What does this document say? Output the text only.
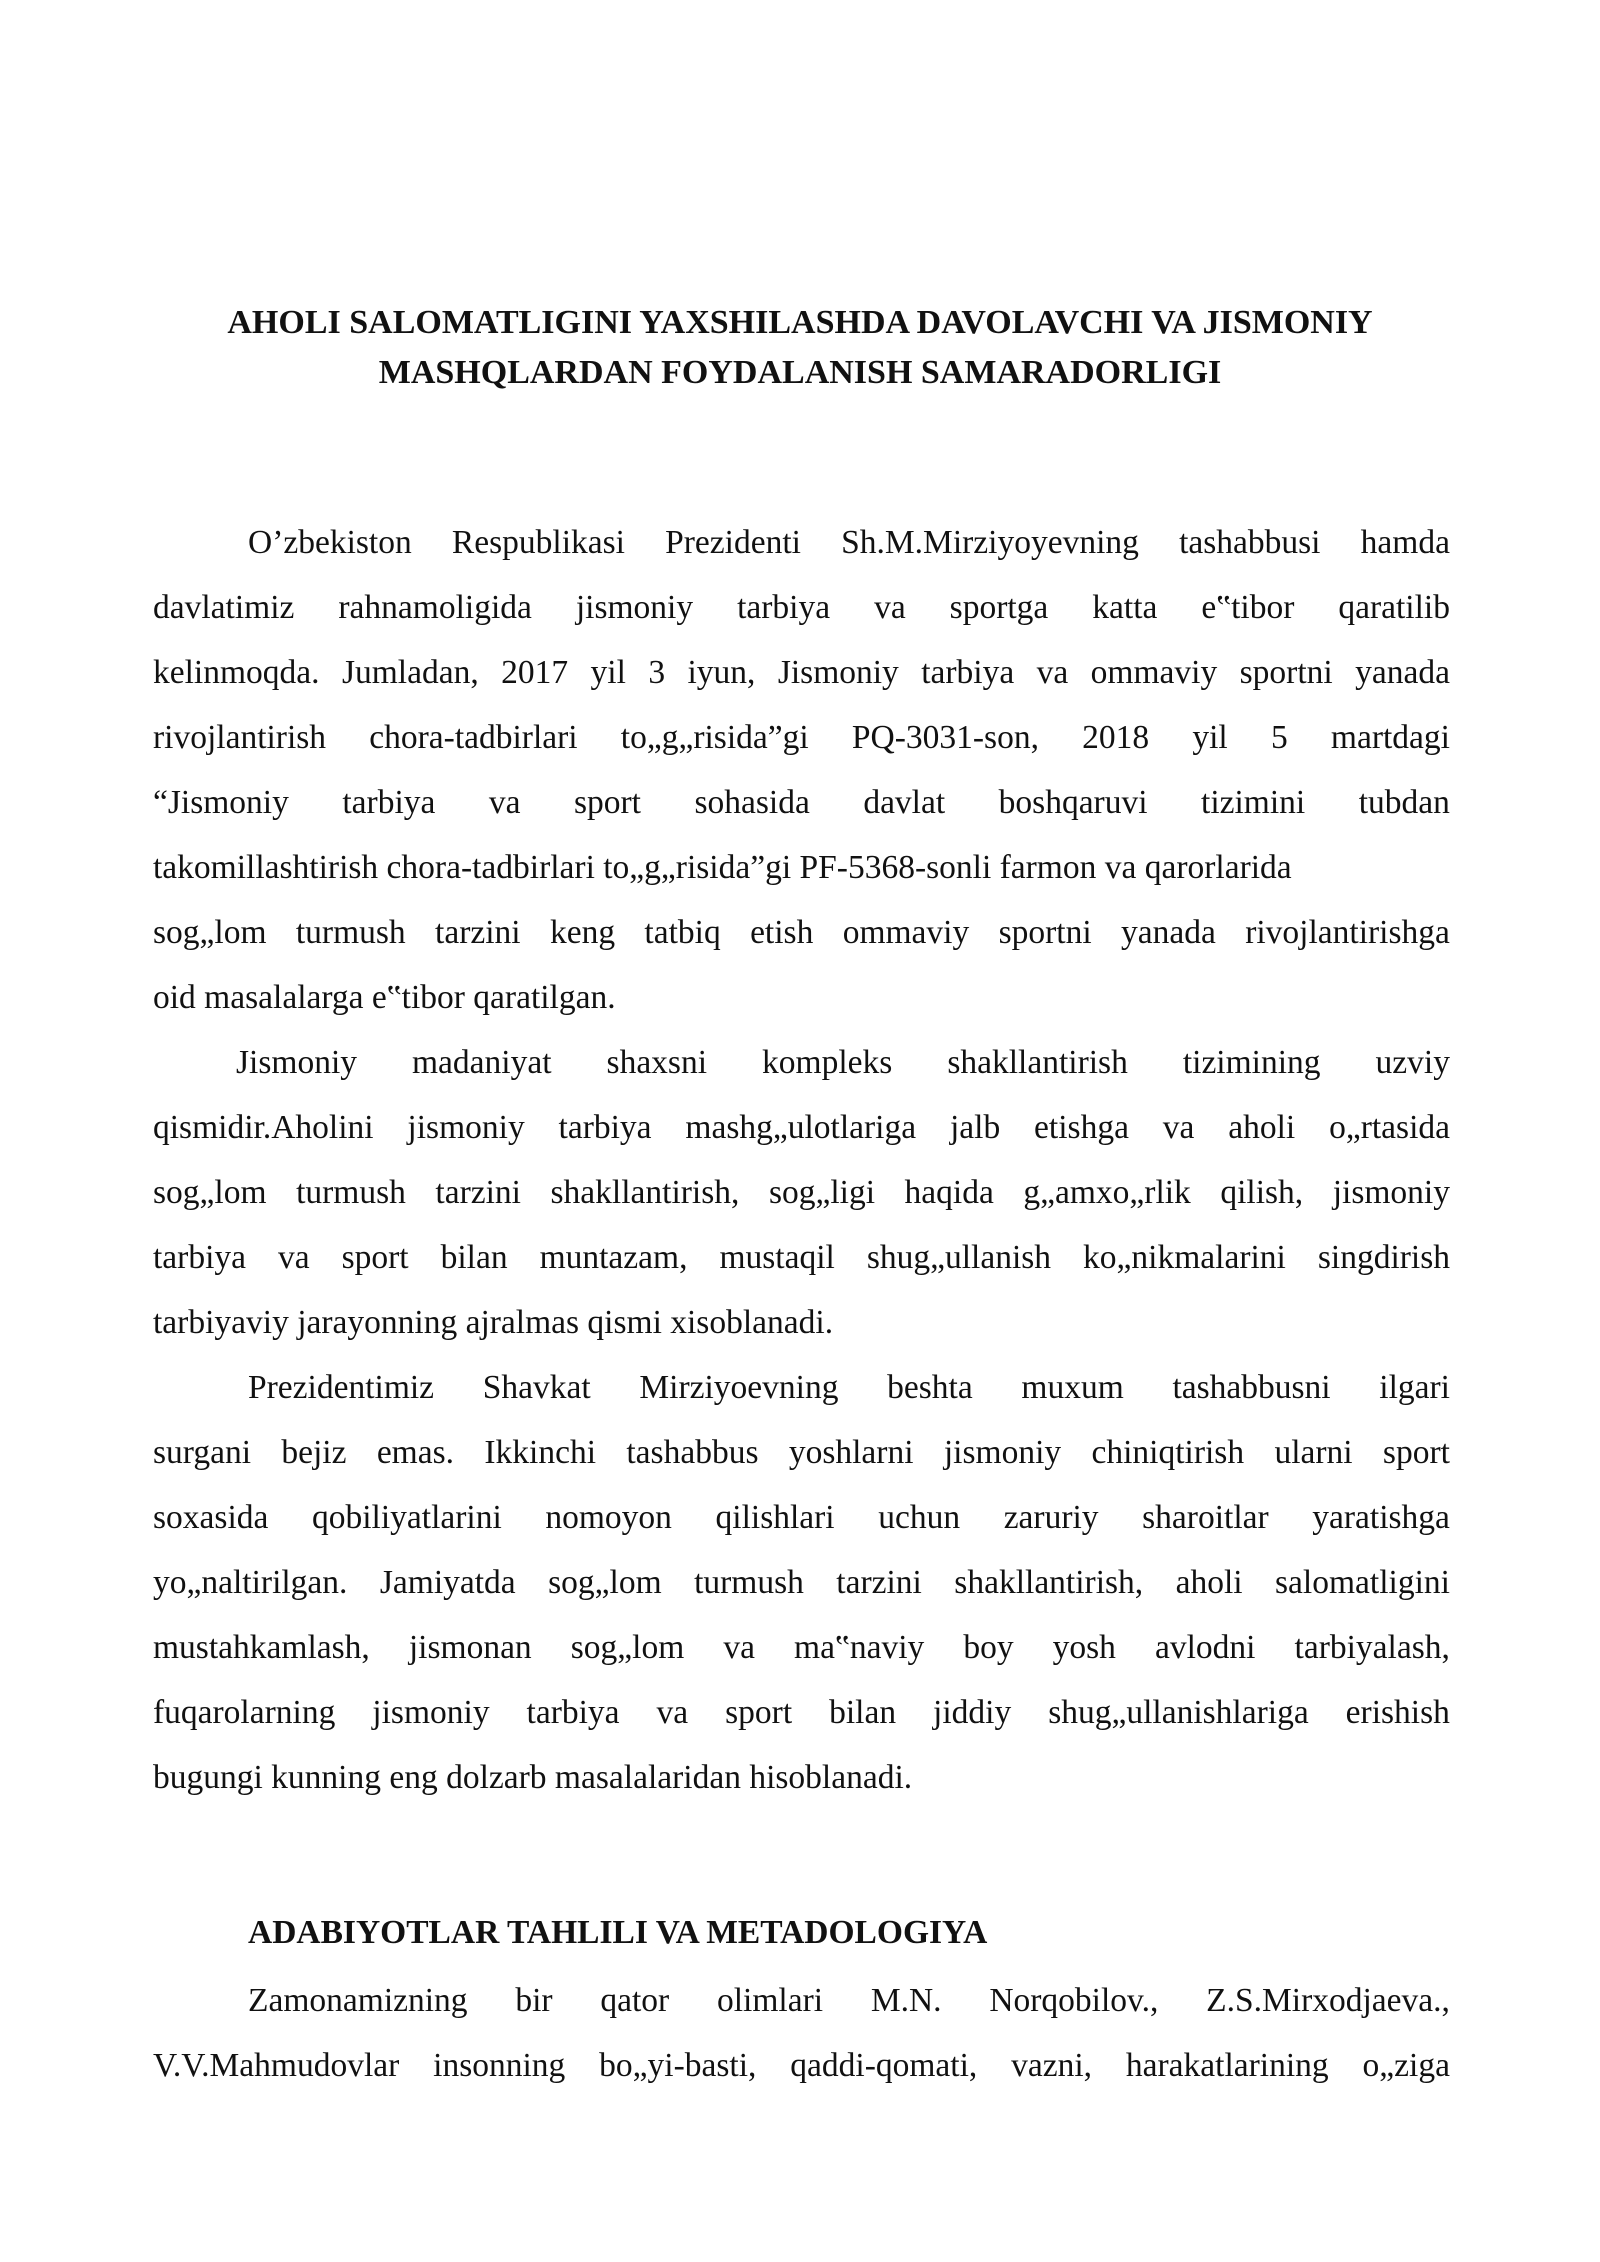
AHOLI SALOMATLIGINI YAXSHILASHDA DAVOLAVCHI VA JISMONIY
MASHQLARDAN FOYDALANISH SAMARADORLIGI

O’zbekiston Respublikasi Prezidenti Sh.M.Mirziyoyevning tashabbusi hamda
davlatimiz rahnamoligida jismoniy tarbiya va sportga katta e‟tibor qaratilib
kelinmoqda. Jumladan, 2017 yil 3 iyun, Jismoniy tarbiya va ommaviy sportni yanada
rivojlantirish chora-tadbirlari to„g„risida”gi PQ-3031-son, 2018 yil 5 martdagi
“Jismoniy tarbiya va sport sohasida davlat boshqaruvi tizimini tubdan
takomillashtirish chora-tadbirlari to„g„risida”gi PF-5368-sonli farmon va qarorlarida
sog„lom turmush tarzini keng tatbiq etish ommaviy sportni yanada rivojlantirishga
oid masalalarga e‟tibor qaratilgan.

Jismoniy madaniyat shaxsni kompleks shakllantirish tizimining uzviy
qismidir.Aholini jismoniy tarbiya mashg„ulotlariga jalb etishga va aholi o„rtasida
sog„lom turmush tarzini shakllantirish, sog„ligi haqida g„amxo„rlik qilish, jismoniy
tarbiya va sport bilan muntazam, mustaqil shug„ullanish ko„nikmalarini singdirish
tarbiyaviy jarayonning ajralmas qismi xisoblanadi.

Prezidentimiz Shavkat Mirziyoevning beshta muxum tashabbusni ilgari
surgani bejiz emas. Ikkinchi tashabbus yoshlarni jismoniy chiniqtirish ularni sport
soxasida qobiliyatlarini nomoyon qilishlari uchun zaruriy sharoitlar yaratishga
yo„naltirilgan. Jamiyatda sog„lom turmush tarzini shakllantirish, aholi salomatligini
mustahkamlash, jismonan sog„lom va ma‟naviy boy yosh avlodni tarbiyalash,
fuqarolarning jismoniy tarbiya va sport bilan jiddiy shug„ullanishlariga erishish
bugungi kunning eng dolzarb masalalaridan hisoblanadi.

ADABIYOTLAR TAHLILI VA METADOLOGIYA

Zamonamizning bir qator olimlari M.N. Norqobilov., Z.S.Mirxodjaeva.,
V.V.Mahmudovlar insonning bo„yi-basti, qaddi-qomati, vazni, harakatlarining o„ziga
